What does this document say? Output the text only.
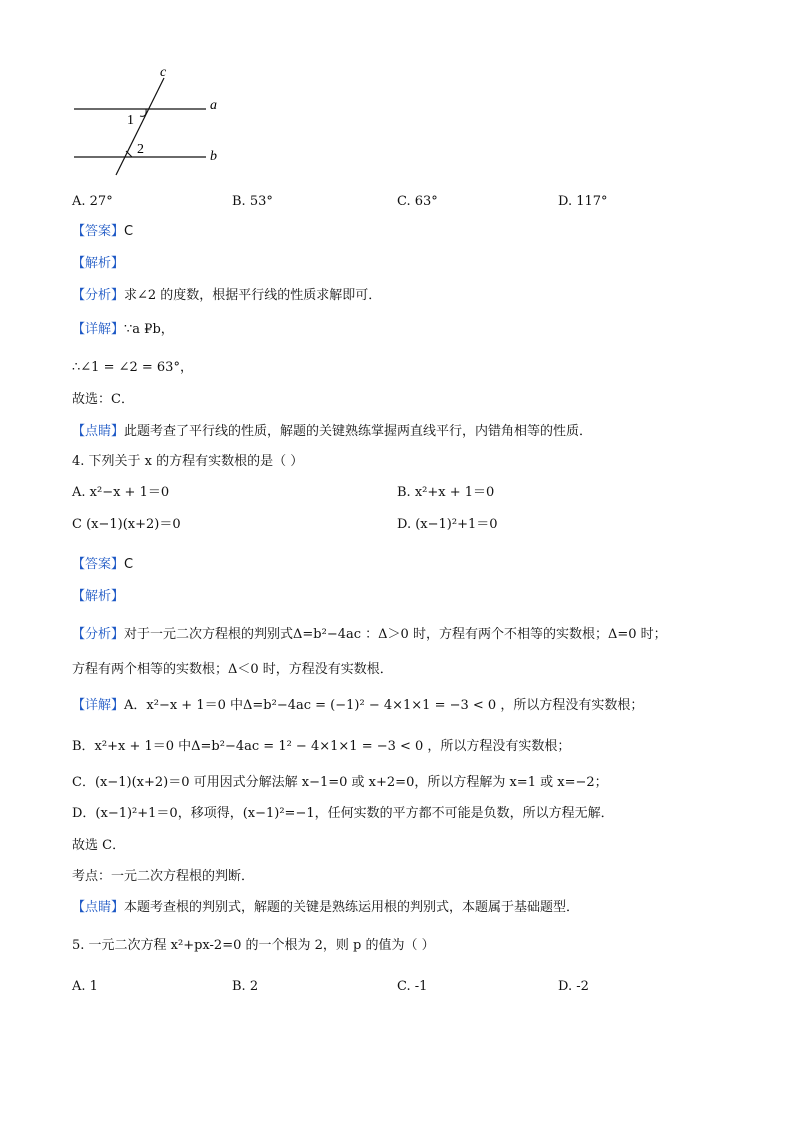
c
a
b
1
2
A. 27°	B. 53°	C. 63°	D. 117°
【答案】C
【解析】
【分析】求∠2 的度数，根据平行线的性质求解即可．
【详解】∵a ₽b，
∴∠1 = ∠2 = 63°，
故选：C．
【点睛】此题考查了平行线的性质，解题的关键熟练掌握两直线平行，内错角相等的性质．
4. 下列关于 x 的方程有实数根的是（ ）
A. x²−x + 1＝0	B. x²+x + 1＝0
C (x−1)(x+2)＝0	D. (x−1)²+1＝0
【答案】C
【解析】
【分析】对于一元二次方程根的判别式Δ=b²−4ac ：Δ＞0 时，方程有两个不相等的实数根；Δ=0 时；
方程有两个相等的实数根；Δ＜0 时，方程没有实数根．
【详解】A．x²−x + 1＝0 中Δ=b²−4ac = (−1)² − 4×1×1 = −3 < 0 ，所以方程没有实数根；
B．x²+x + 1＝0 中Δ=b²−4ac = 1² − 4×1×1 = −3 < 0 ，所以方程没有实数根；
C．(x−1)(x+2)＝0 可用因式分解法解 x−1=0 或 x+2=0，所以方程解为 x=1 或 x=−2；
D．(x−1)²+1＝0，移项得，(x−1)²=−1，任何实数的平方都不可能是负数，所以方程无解．
故选 C．
考点：一元二次方程根的判断．
【点睛】本题考查根的判别式，解题的关键是熟练运用根的判别式，本题属于基础题型．
5. 一元二次方程 x²+px-2=0 的一个根为 2，则 p 的值为（ ）
A. 1	B. 2	C. -1	D. -2
